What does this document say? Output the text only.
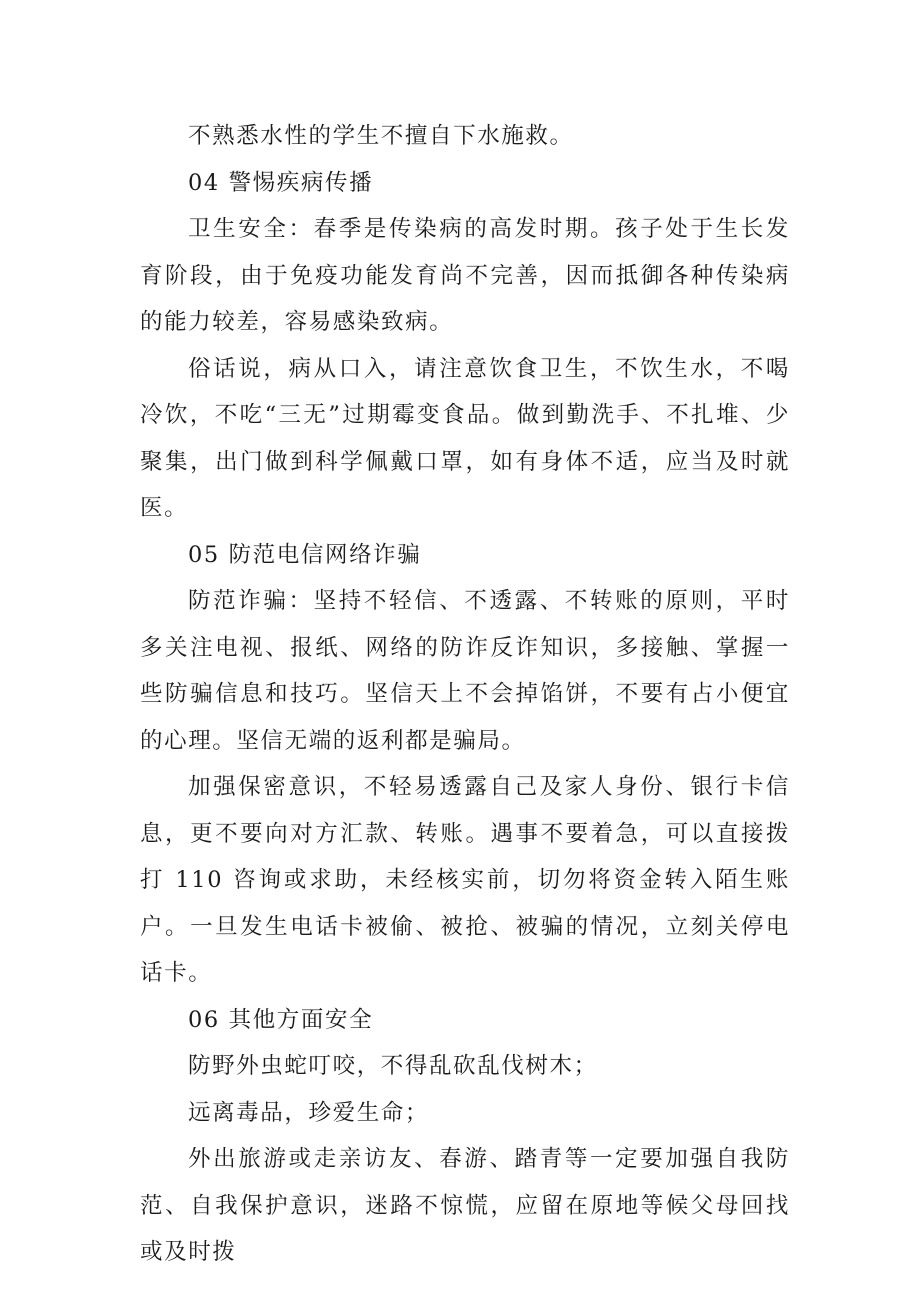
不熟悉水性的学生不擅自下水施救。

04 警惕疾病传播

卫生安全：春季是传染病的高发时期。孩子处于生长发育阶段，由于免疫功能发育尚不完善，因而抵御各种传染病的能力较差，容易感染致病。

俗话说，病从口入，请注意饮食卫生，不饮生水，不喝冷饮，不吃“三无”过期霉变食品。做到勤洗手、不扎堆、少聚集，出门做到科学佩戴口罩，如有身体不适，应当及时就医。

05 防范电信网络诈骗

防范诈骗：坚持不轻信、不透露、不转账的原则，平时多关注电视、报纸、网络的防诈反诈知识，多接触、掌握一些防骗信息和技巧。坚信天上不会掉馅饼，不要有占小便宜的心理。坚信无端的返利都是骗局。

加强保密意识，不轻易透露自己及家人身份、银行卡信息，更不要向对方汇款、转账。遇事不要着急，可以直接拨打 110 咨询或求助，未经核实前，切勿将资金转入陌生账户。一旦发生电话卡被偷、被抢、被骗的情况，立刻关停电话卡。

06 其他方面安全

防野外虫蛇叮咬，不得乱砍乱伐树木；

远离毒品，珍爱生命；

外出旅游或走亲访友、春游、踏青等一定要加强自我防范、自我保护意识，迷路不惊慌，应留在原地等候父母回找或及时拨
